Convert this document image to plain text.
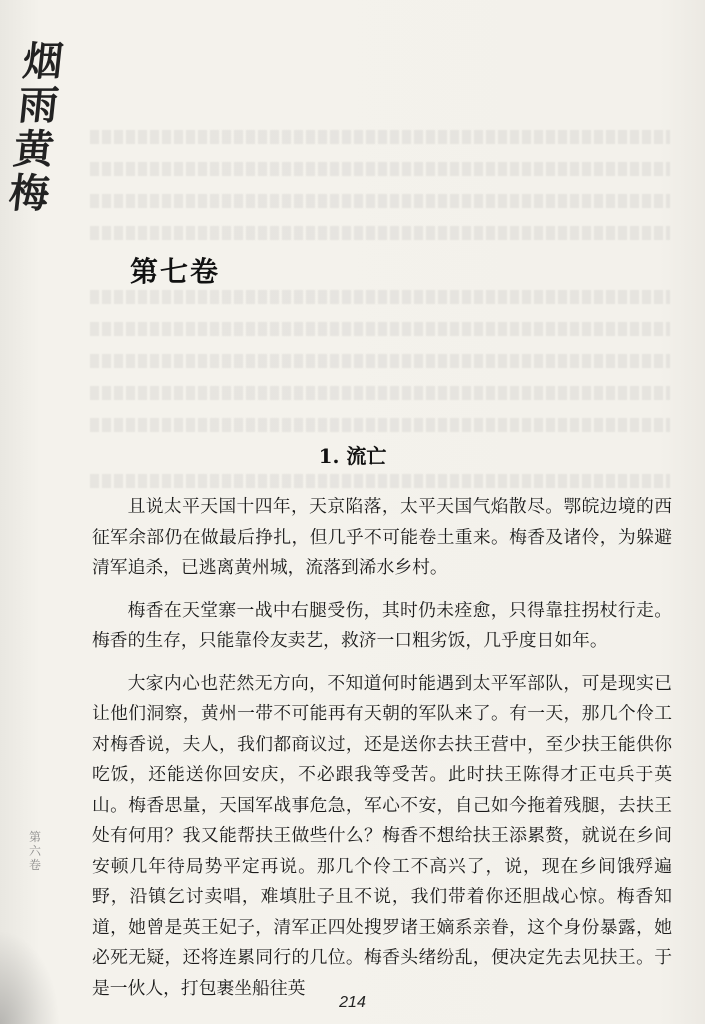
烟
雨
黄
梅
第七卷
1. 流亡

且说太平天国十四年，天京陷落，太平天国气焰散尽。鄂皖边境的西征军余部仍在做最后挣扎，但几乎不可能卷土重来。梅香及诸伶，为躲避清军追杀，已逃离黄州城，流落到浠水乡村。

梅香在天堂寨一战中右腿受伤，其时仍未痊愈，只得靠拄拐杖行走。梅香的生存，只能靠伶友卖艺，救济一口粗劣饭，几乎度日如年。

大家内心也茫然无方向，不知道何时能遇到太平军部队，可是现实已让他们洞察，黄州一带不可能再有天朝的军队来了。有一天，那几个伶工对梅香说，夫人，我们都商议过，还是送你去扶王营中，至少扶王能供你吃饭，还能送你回安庆，不必跟我等受苦。此时扶王陈得才正屯兵于英山。梅香思量，天国军战事危急，军心不安，自己如今拖着残腿，去扶王处有何用？我又能帮扶王做些什么？梅香不想给扶王添累赘，就说在乡间安顿几年待局势平定再说。那几个伶工不高兴了，说，现在乡间饿殍遍野，沿镇乞讨卖唱，难填肚子且不说，我们带着你还胆战心惊。梅香知道，她曾是英王妃子，清军正四处搜罗诸王嫡系亲眷，这个身份暴露，她必死无疑，还将连累同行的几位。梅香头绪纷乱，便决定先去见扶王。于是一伙人，打包裹坐船往英

第六卷
214
